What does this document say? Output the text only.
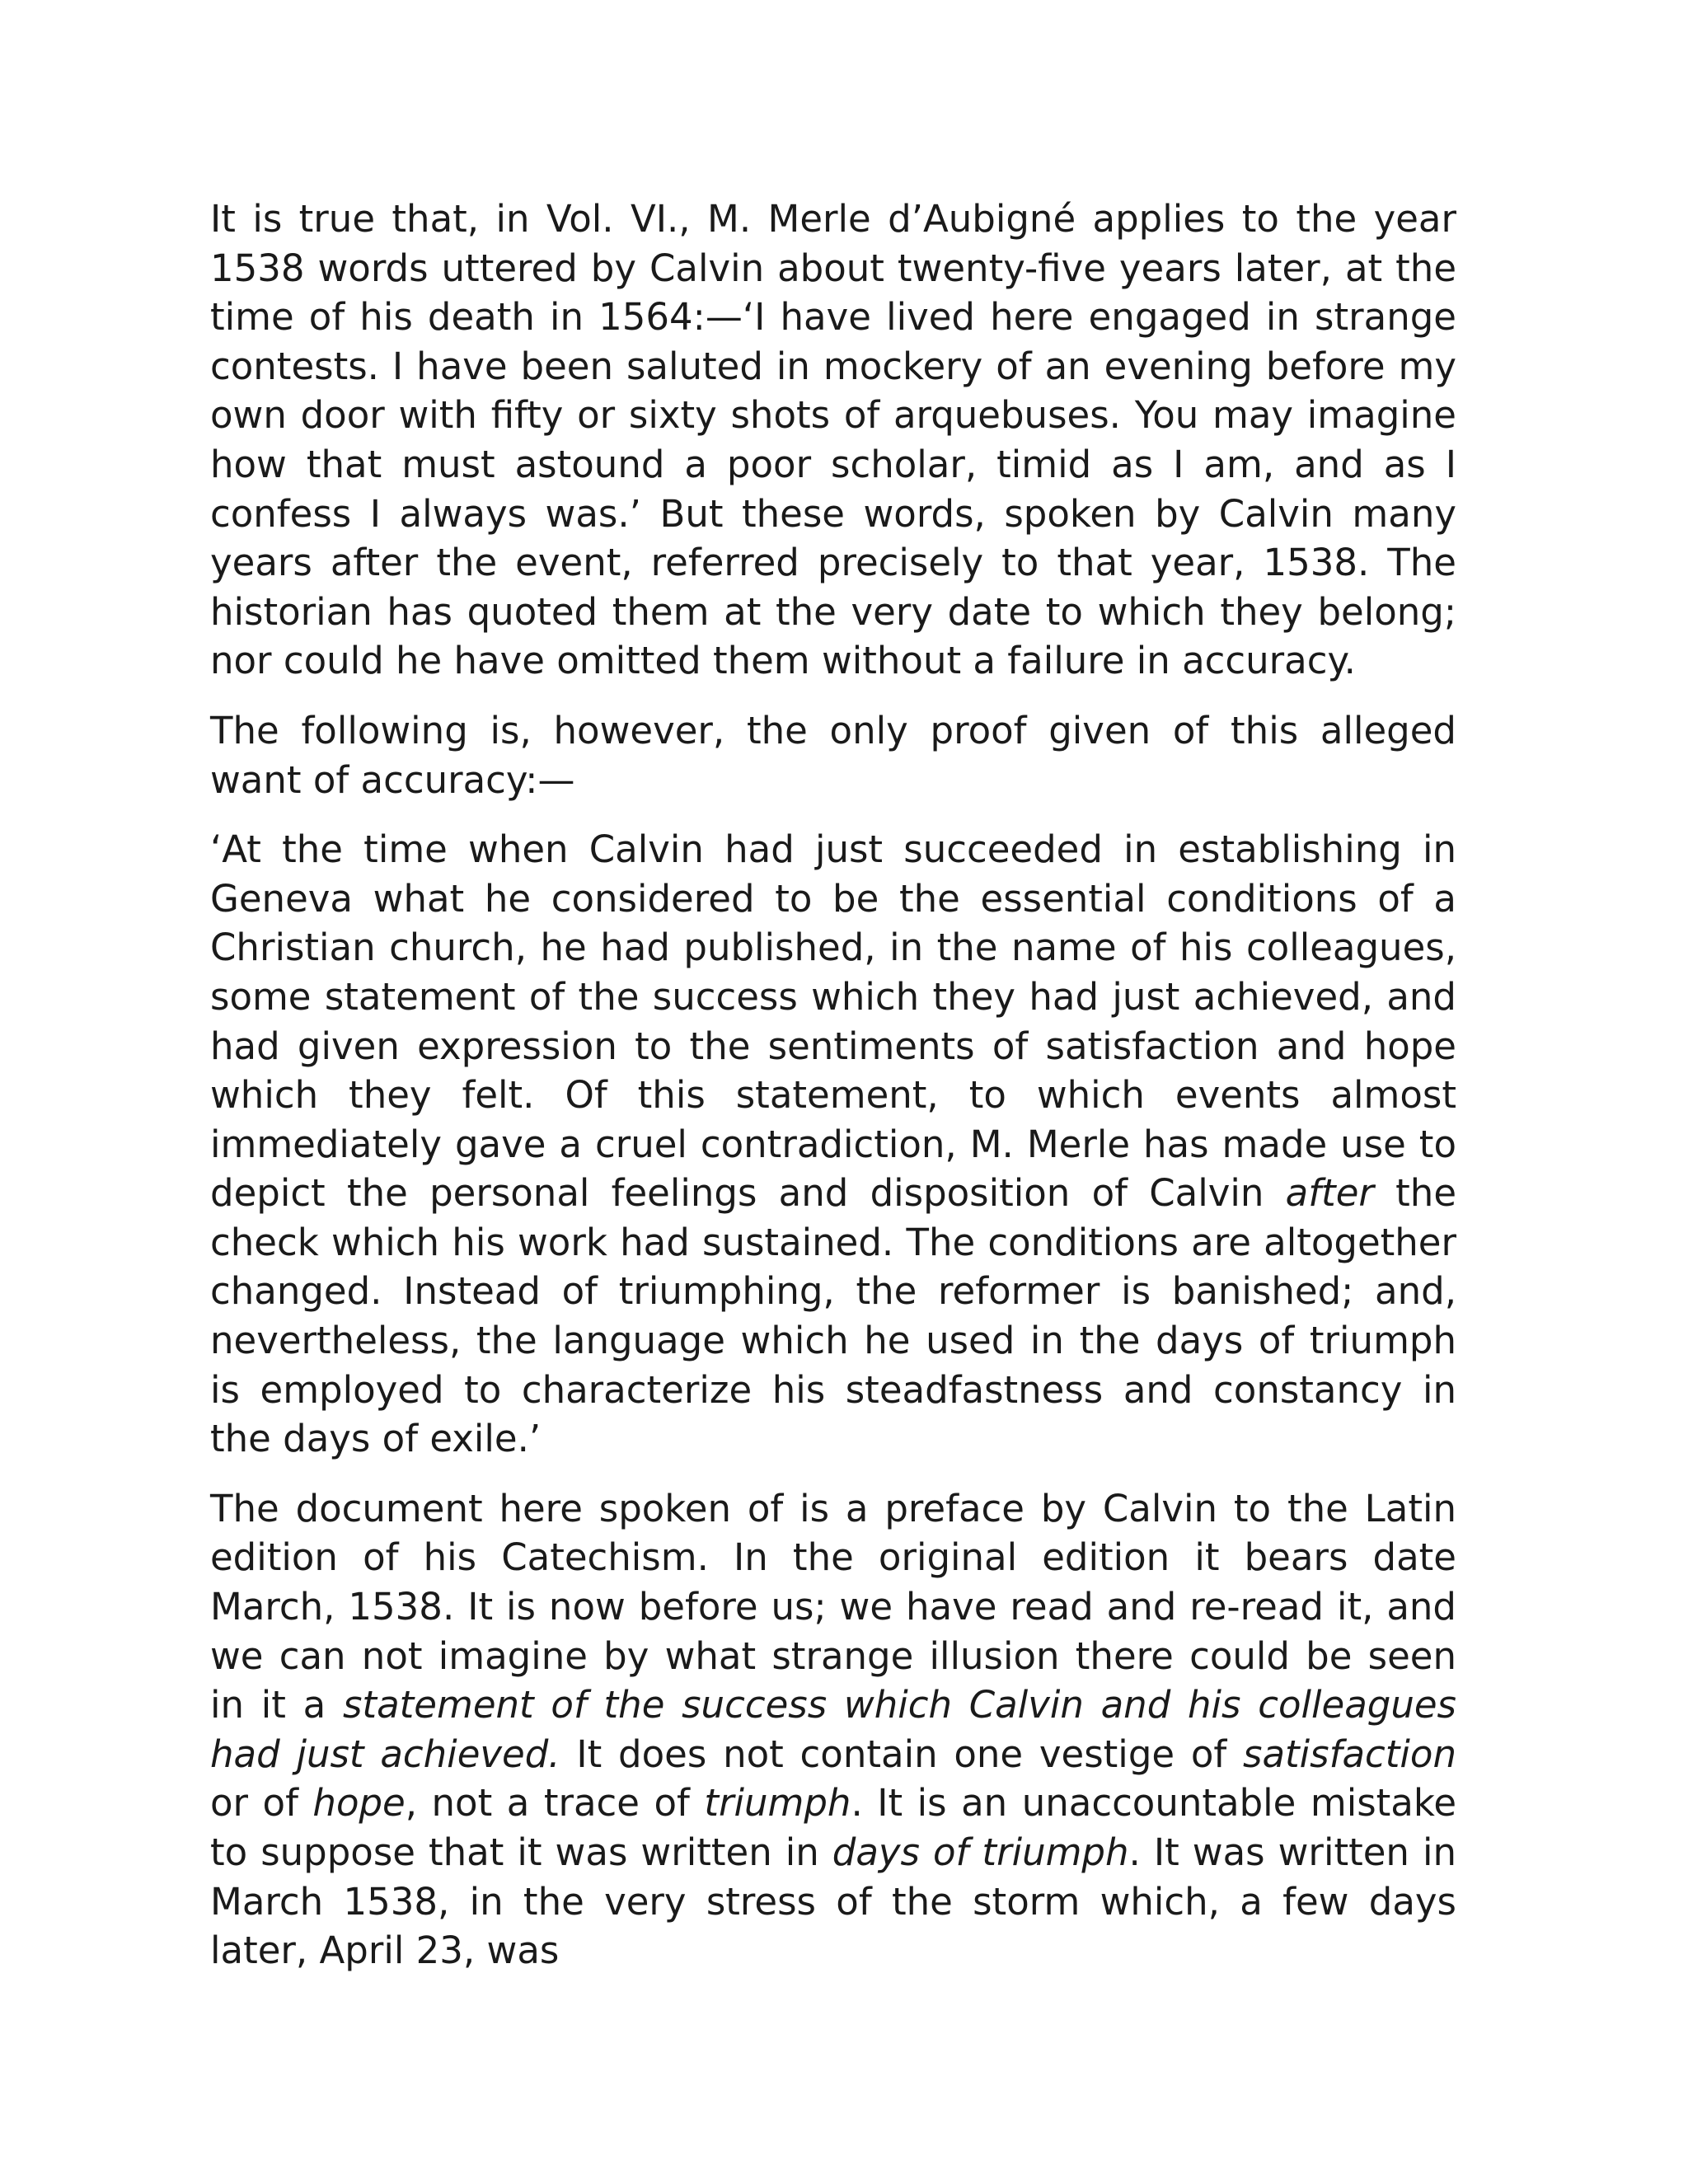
It is true that, in Vol. VI., M. Merle d’Aubigné applies to the year 1538 words uttered by Calvin about twenty-five years later, at the time of his death in 1564:—‘I have lived here engaged in strange contests. I have been saluted in mockery of an evening before my own door with fifty or sixty shots of arquebuses. You may imagine how that must astound a poor scholar, timid as I am, and as I confess I always was.’ But these words, spoken by Calvin many years after the event, referred precisely to that year, 1538. The historian has quoted them at the very date to which they belong; nor could he have omitted them without a failure in accuracy.

The following is, however, the only proof given of this alleged want of accuracy:—

‘At the time when Calvin had just succeeded in establishing in Geneva what he considered to be the essential conditions of a Christian church, he had published, in the name of his colleagues, some statement of the success which they had just achieved, and had given expression to the sentiments of satisfaction and hope which they felt. Of this statement, to which events almost immediately gave a cruel contradiction, M. Merle has made use to depict the personal feelings and disposition of Calvin after the check which his work had sustained. The conditions are altogether changed. Instead of triumphing, the reformer is banished; and, nevertheless, the language which he used in the days of triumph is employed to characterize his steadfastness and constancy in the days of exile.’

The document here spoken of is a preface by Calvin to the Latin edition of his Catechism. In the original edition it bears date March, 1538. It is now before us; we have read and re-read it, and we can not imagine by what strange illusion there could be seen in it a statement of the success which Calvin and his colleagues had just achieved. It does not contain one vestige of satisfaction or of hope, not a trace of triumph. It is an unaccountable mistake to suppose that it was written in days of triumph. It was written in March 1538, in the very stress of the storm which, a few days later, April 23, was
